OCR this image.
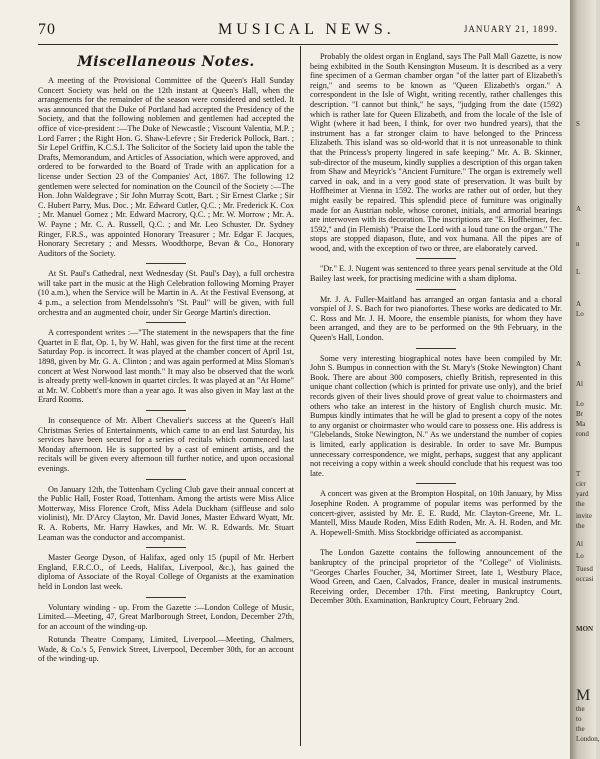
70	MUSICAL NEWS.	JANUARY 21, 1899.
Miscellaneous Notes.

A meeting of the Provisional Committee of the Queen's Hall Sunday Concert Society was held on the 12th instant at Queen's Hall, when the arrangements for the remainder of the season were considered and settled. It was announced that the Duke of Portland had accepted the Presidency of the Society, and that the following noblemen and gentlemen had accepted the office of vice-president :—The Duke of Newcastle ; Viscount Valentia, M.P. ; Lord Farrer ; the Right Hon. G. Shaw-Lefevre ; Sir Frederick Pollock, Bart. ; Sir Lepel Griffin, K.C.S.I. The Solicitor of the Society laid upon the table the Drafts, Memorandum, and Articles of Association, which were approved, and ordered to be forwarded to the Board of Trade with an application for a license under Section 23 of the Companies' Act, 1867. The following 12 gentlemen were selected for nomination on the Council of the Society :—The Hon. John Waldegrave ; Sir John Murray Scott, Bart. ; Sir Ernest Clarke ; Sir C. Hubert Parry, Mus. Doc. ; Mr. Edward Cutler, Q.C. ; Mr. Frederick K. Cox ; Mr. Manuel Gomez ; Mr. Edward Macrory, Q.C. ; Mr. W. Morrow ; Mr. A. W. Payne ; Mr. C. A. Russell, Q.C. ; and Mr. Leo Schuster. Dr. Sydney Ringer, F.R.S., was appointed Honorary Treasurer ; Mr. Edgar F. Jacques, Honorary Secretary ; and Messrs. Woodthorpe, Bevan & Co., Honorary Auditors of the Society.

At St. Paul's Cathedral, next Wednesday (St. Paul's Day), a full orchestra will take part in the music at the High Celebration following Morning Prayer (10 a.m.), when the Service will be Martin in A. At the Festival Evensong, at 4 p.m., a selection from Mendelssohn's "St. Paul" will be given, with full orchestra and an augmented choir, under Sir George Martin's direction.

A correspondent writes :—"The statement in the newspapers that the fine Quartet in E flat, Op. 1, by W. Hahl, was given for the first time at the recent Saturday Pop. is incorrect. It was played at the chamber concert of April 1st, 1898, given by Mr. G. A. Clinton ; and was again performed at Miss Sloman's concert at West Norwood last month." It may also be observed that the work is already pretty well-known in quartet circles. It was played at an "At Home" at Mr. W. Cobbett's more than a year ago. It was also given in May last at the Erard Rooms.

In consequence of Mr. Albert Chevalier's success at the Queen's Hall Christmas Series of Entertainments, which came to an end last Saturday, his services have been secured for a series of recitals which commenced last Monday afternoon. He is supported by a cast of eminent artists, and the recitals will be given every afternoon till further notice, and upon occasional evenings.

On January 12th, the Tottenham Cycling Club gave their annual concert at the Public Hall, Foster Road, Tottenham. Among the artists were Miss Alice Motterway, Miss Florence Croft, Miss Adela Duckham (siffleuse and solo violinist), Mr. D'Arcy Clayton, Mr. David Jones, Master Edward Wyatt, Mr. R. A. Roberts, Mr. Harry Hawkes, and Mr. W. R. Edwards. Mr. Stuart Leaman was the conductor and accompanist.

Master George Dyson, of Halifax, aged only 15 (pupil of Mr. Herbert England, F.R.C.O., of Leeds, Halifax, Liverpool, &c.), has gained the diploma of Associate of the Royal College of Organists at the examination held in London last week.

Voluntary winding - up. From the Gazette :—London College of Music, Limited.—Meeting, 47, Great Marlborough Street, London, December 27th, for an account of the winding-up.

Rotunda Theatre Company, Limited, Liverpool.—Meeting, Chalmers, Wade, & Co.'s 5, Fenwick Street, Liverpool, December 30th, for an account of the winding-up.

Probably the oldest organ in England, says The Pall Mall Gazette, is now being exhibited in the South Kensington Museum. It is described as a very fine specimen of a German chamber organ "of the latter part of Elizabeth's reign," and seems to be known as "Queen Elizabeth's organ." A correspondent in the Isle of Wight, writing recently, rather challenges this description. "I cannot but think," he says, "judging from the date (1592) which is rather late for Queen Elizabeth, and from the locale of the Isle of Wight (where it had been, I think, for over two hundred years), that the instrument has a far stronger claim to have belonged to the Princess Elizabeth. This island was so old-world that it is not unreasonable to think that the Princess's property lingered in safe keeping." Mr. A. B. Skinner, sub-director of the museum, kindly supplies a description of this organ taken from Shaw and Meyrick's "Ancient Furniture." The organ is extremely well carved in oak, and in a very good state of preservation. It was built by Hoffheimer at Vienna in 1592. The works are rather out of order, but they might easily be repaired. This splendid piece of furniture was originally made for an Austrian noble, whose coronet, initials, and armorial bearings are interwoven with its decoration. The inscriptions are "E. Hoffheimer, fec. 1592," and (in Flemish) "Praise the Lord with a loud tune on the organ." The stops are stopped diapason, flute, and vox humana. All the pipes are of wood, and, with the exception of two or three, are elaborately carved.

"Dr." E. J. Nugent was sentenced to three years penal servitude at the Old Bailey last week, for practising medicine with a sham diploma.

Mr. J. A. Fuller-Maitland has arranged an organ fantasia and a choral vorspiel of J. S. Bach for two pianofortes. These works are dedicated to Mr. C. Ross and Mr. J. H. Moore, the ensemble pianists, for whom they have been arranged, and they are to be performed on the 9th February, in the Queen's Hall, London.

Some very interesting biographical notes have been compiled by Mr. John S. Bumpus in connection with the St. Mary's (Stoke Newington) Chant Book. There are about 300 composers, chiefly British, represented in this unique chant collection (which is printed for private use only), and the brief records given of their lives should prove of great value to choirmasters and others who take an interest in the history of English church music. Mr. Bumpus kindly intimates that he will be glad to present a copy of the notes to any organist or choirmaster who would care to possess one. His address is "Glebelands, Stoke Newington, N." As we understand the number of copies is limited, early application is desirable. In order to save Mr. Bumpus unnecessary correspondence, we might, perhaps, suggest that any applicant not receiving a copy within a week should conclude that his request was too late.

A concert was given at the Brompton Hospital, on 10th January, by Miss Josephine Roden. A programme of popular items was performed by the concert-giver, assisted by Mr. E. E. Rudd, Mr. Clayton-Greene, Mr. L. Mantell, Miss Maude Roden, Miss Edith Roden, Mr. A. H. Roden, and Mr. A. Hopewell-Smith. Miss Stockbridge officiated as accompanist.

The London Gazette contains the following announcement of the bankruptcy of the principal proprietor of the "College" of Violinists. "Georges Charles Foucher, 34, Mortimer Street, late 1, Westbury Place, Wood Green, and Caen, Calvados, France, dealer in musical instruments. Receiving order, December 17th. First meeting, Bankruptcy Court, December 30th. Examination, Bankruptcy Court, February 2nd.

S
A
n
L
A
Lo
A
Al
Lo
Br
Ma
rond
T
cirr
yard
the
invite
the
Al
Lo
Tuesd
occasi
MON
M
the
to
the
London,
